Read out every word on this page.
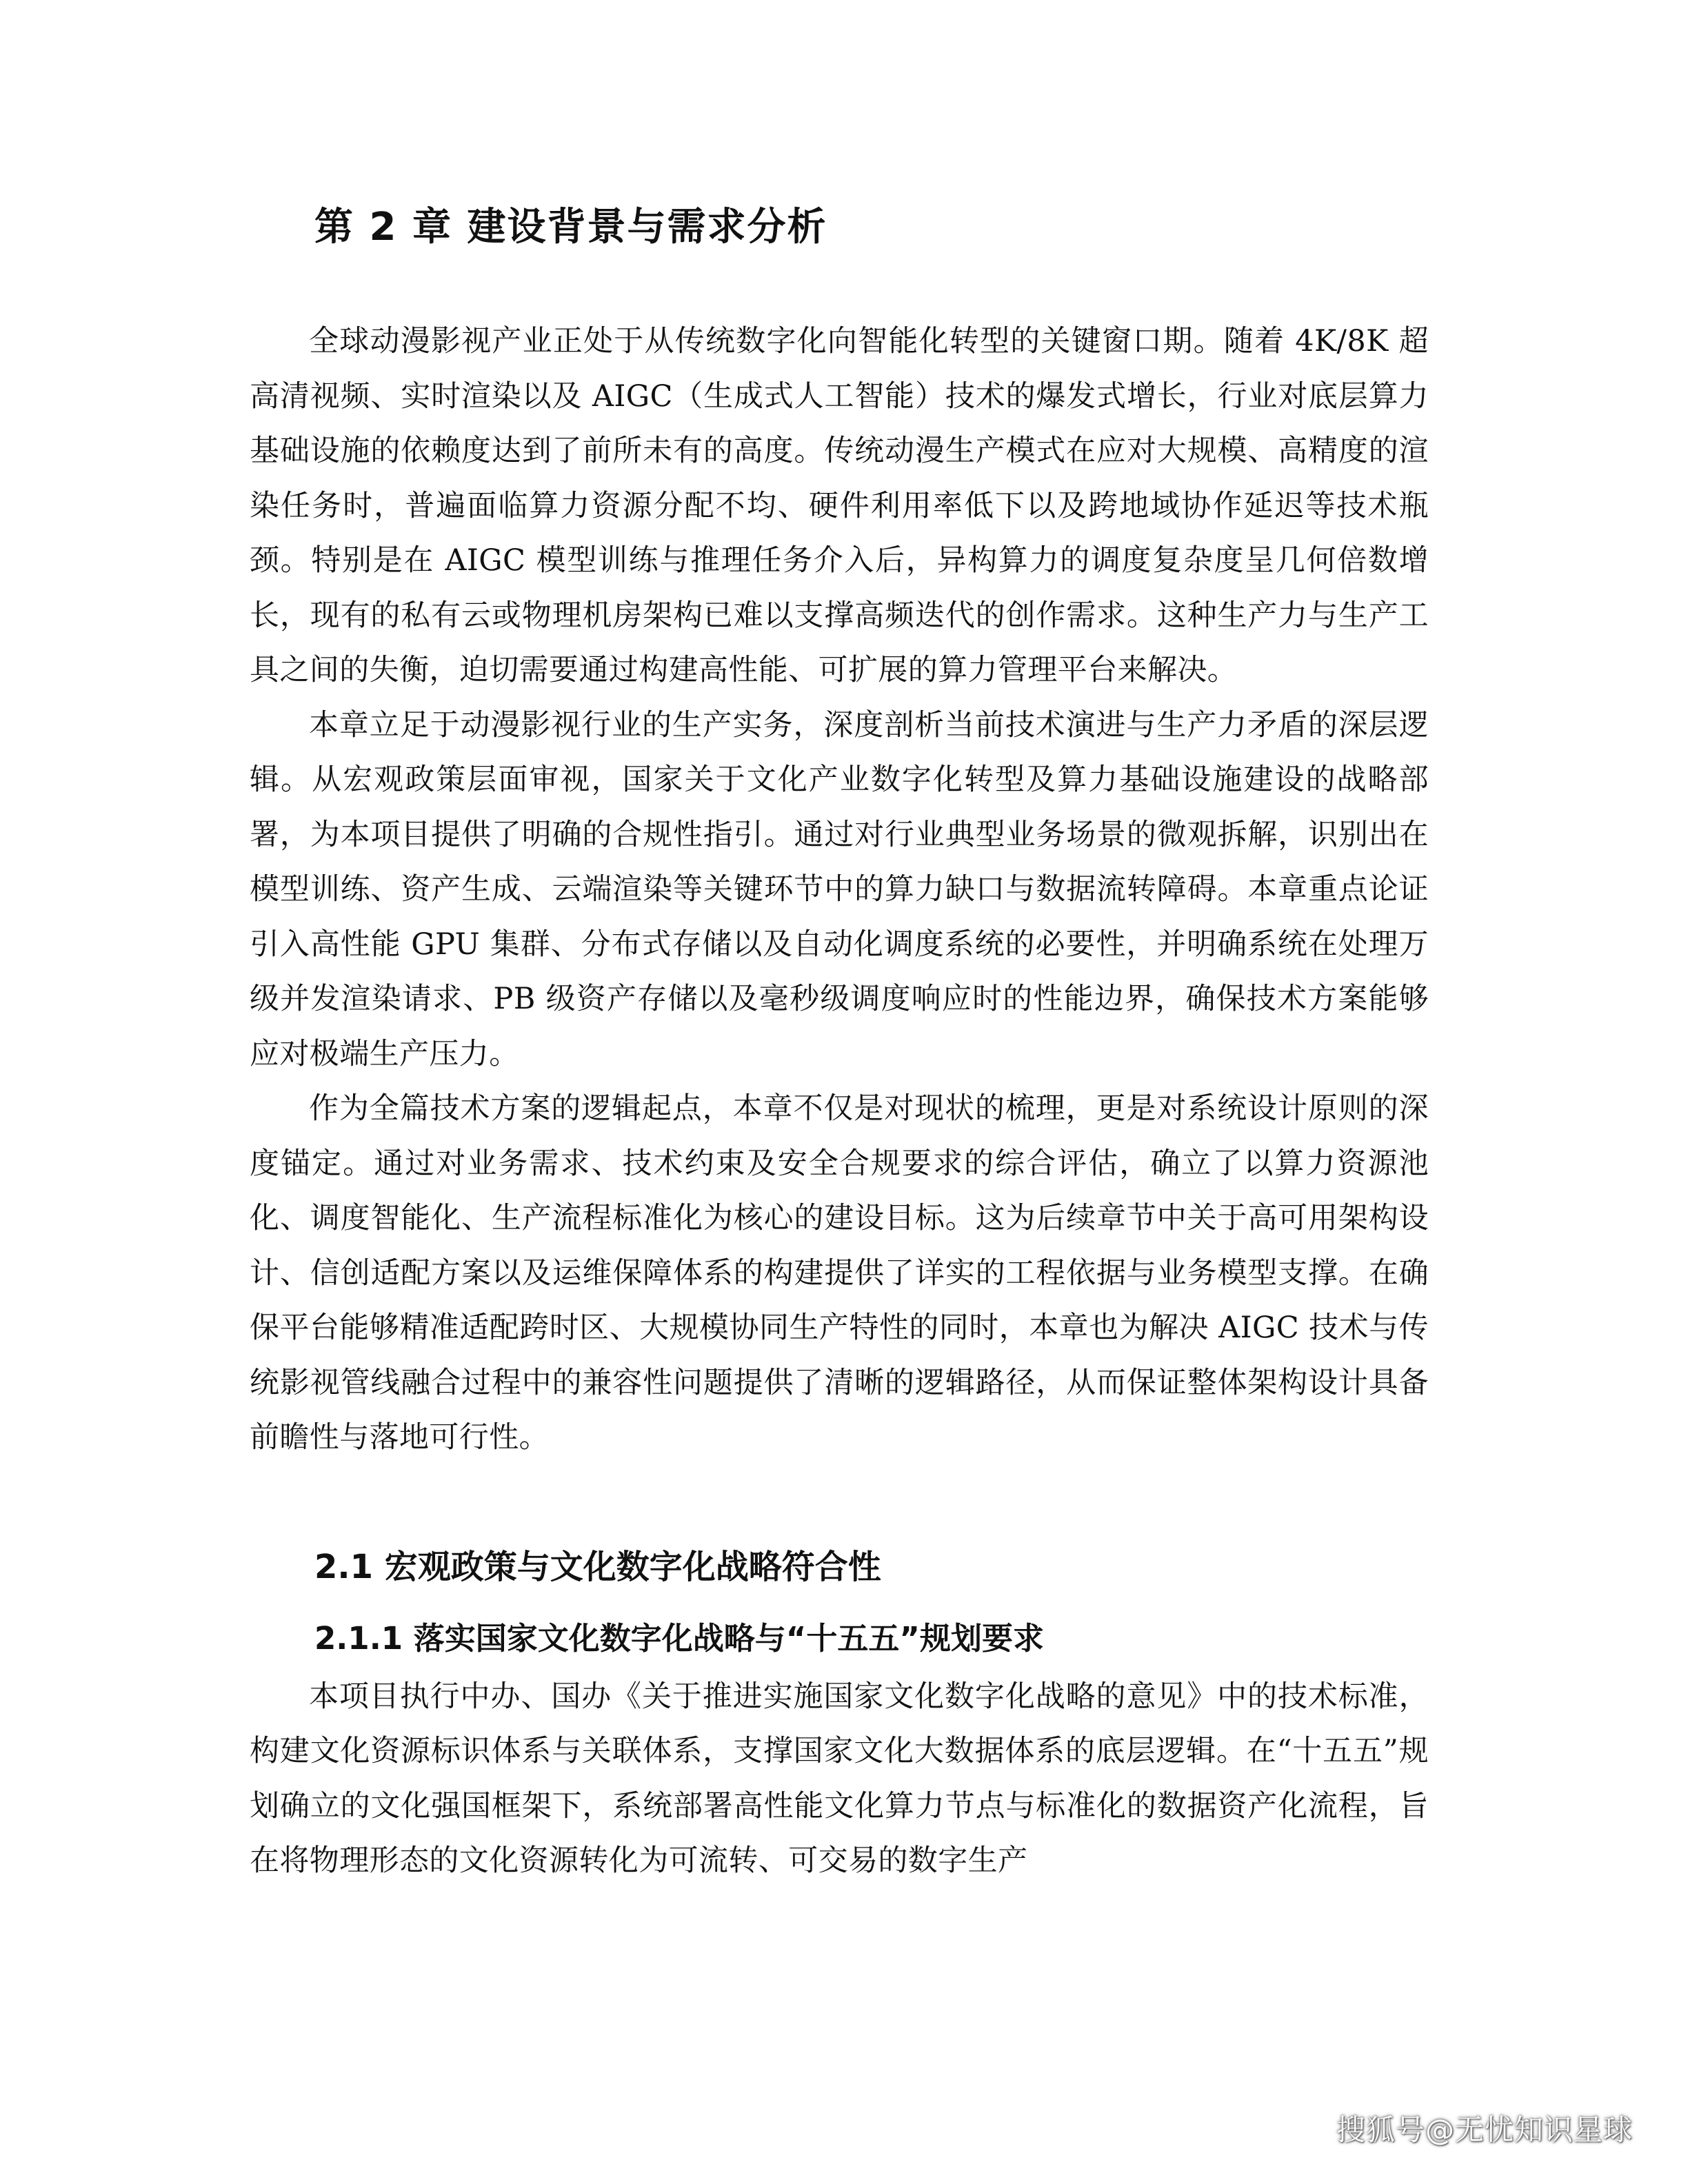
第 2 章 建设背景与需求分析

全球动漫影视产业正处于从传统数字化向智能化转型的关键窗口期。随着 4K/8K 超高清视频、实时渲染以及 AIGC（生成式人工智能）技术的爆发式增长，行业对底层算力基础设施的依赖度达到了前所未有的高度。传统动漫生产模式在应对大规模、高精度的渲染任务时，普遍面临算力资源分配不均、硬件利用率低下以及跨地域协作延迟等技术瓶颈。特别是在 AIGC 模型训练与推理任务介入后，异构算力的调度复杂度呈几何倍数增长，现有的私有云或物理机房架构已难以支撑高频迭代的创作需求。这种生产力与生产工具之间的失衡，迫切需要通过构建高性能、可扩展的算力管理平台来解决。

本章立足于动漫影视行业的生产实务，深度剖析当前技术演进与生产力矛盾的深层逻辑。从宏观政策层面审视，国家关于文化产业数字化转型及算力基础设施建设的战略部署，为本项目提供了明确的合规性指引。通过对行业典型业务场景的微观拆解，识别出在模型训练、资产生成、云端渲染等关键环节中的算力缺口与数据流转障碍。本章重点论证引入高性能 GPU 集群、分布式存储以及自动化调度系统的必要性，并明确系统在处理万级并发渲染请求、PB 级资产存储以及毫秒级调度响应时的性能边界，确保技术方案能够应对极端生产压力。

作为全篇技术方案的逻辑起点，本章不仅是对现状的梳理，更是对系统设计原则的深度锚定。通过对业务需求、技术约束及安全合规要求的综合评估，确立了以算力资源池化、调度智能化、生产流程标准化为核心的建设目标。这为后续章节中关于高可用架构设计、信创适配方案以及运维保障体系的构建提供了详实的工程依据与业务模型支撑。在确保平台能够精准适配跨时区、大规模协同生产特性的同时，本章也为解决 AIGC 技术与传统影视管线融合过程中的兼容性问题提供了清晰的逻辑路径，从而保证整体架构设计具备前瞻性与落地可行性。

2.1 宏观政策与文化数字化战略符合性
2.1.1 落实国家文化数字化战略与“十五五”规划要求

本项目执行中办、国办《关于推进实施国家文化数字化战略的意见》中的技术标准，构建文化资源标识体系与关联体系，支撑国家文化大数据体系的底层逻辑。在“十五五”规划确立的文化强国框架下，系统部署高性能文化算力节点与标准化的数据资产化流程，旨在将物理形态的文化资源转化为可流转、可交易的数字生产

搜狐号@无忧知识星球
